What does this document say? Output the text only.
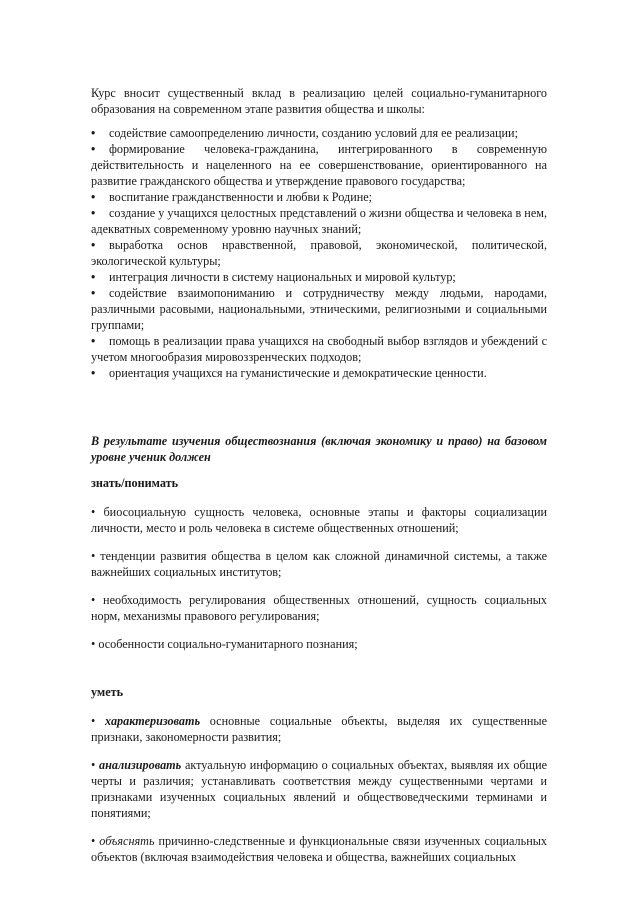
Курс вносит существенный вклад в реализацию целей социально-гуманитарного образования на современном этапе развития общества и школы:

• содействие самоопределению личности, созданию условий для ее реализации;

• формирование человека-гражданина, интегрированного в современную действительность и нацеленного на ее совершенствование, ориентированного на развитие гражданского общества и утверждение правового государства;

• воспитание гражданственности и любви к Родине;

• создание у учащихся целостных представлений о жизни общества и человека в нем, адекватных современному уровню научных знаний;

• выработка основ нравственной, правовой, экономической, политической, экологической культуры;

• интеграция личности в систему национальных и мировой культур;

• содействие взаимопониманию и сотрудничеству между людьми, народами, различными расовыми, национальными, этническими, религиозными и социальными группами;

• помощь в реализации права учащихся на свободный выбор взглядов и убеждений с учетом многообразия мировоззренческих подходов;

• ориентация учащихся на гуманистические и демократические ценности.

В результате изучения обществознания (включая экономику и право) на базовом уровне ученик должен

знать/понимать

• биосоциальную сущность человека, основные этапы и факторы социализации личности, место и роль человека в системе общественных отношений;

• тенденции развития общества в целом как сложной динамичной системы, а также важнейших социальных институтов;

• необходимость регулирования общественных отношений, сущность социальных норм, механизмы правового регулирования;

• особенности социально-гуманитарного познания;

уметь

• характеризовать основные социальные объекты, выделяя их существенные признаки, закономерности развития;

• анализировать актуальную информацию о социальных объектах, выявляя их общие черты и различия; устанавливать соответствия между существенными чертами и признаками изученных социальных явлений и обществоведческими терминами и понятиями;

• объяснять причинно-следственные и функциональные связи изученных социальных объектов (включая взаимодействия человека и общества, важнейших социальных
